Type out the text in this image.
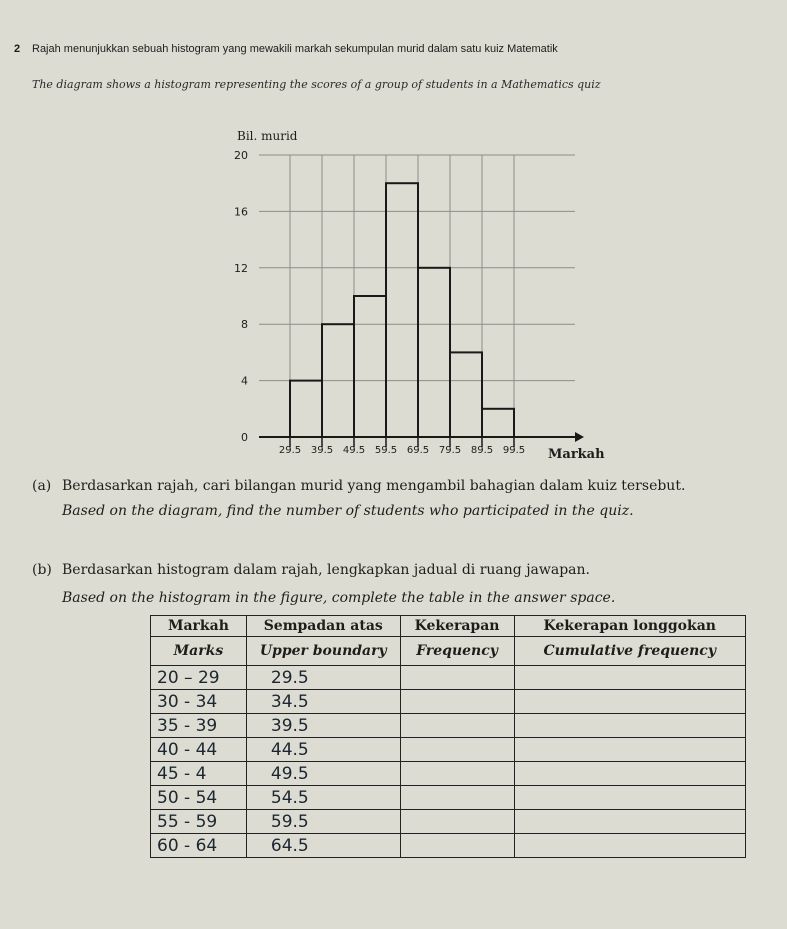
2 Rajah menunjukkan sebuah histogram yang mewakili markah sekumpulan murid dalam satu kuiz Matematik
The diagram shows a histogram representing the scores of a group of students in a Mathematics quiz
0
4
8
12
16
20
29.5 39.5 49.5 59.5 69.5 79.5 89.5 99.5
Bil. murid
Markah
(a) Berdasarkan rajah, cari bilangan murid yang mengambil bahagian dalam kuiz tersebut.
Based on the diagram, find the number of students who participated in the quiz.
(b) Berdasarkan histogram dalam rajah, lengkapkan jadual di ruang jawapan.
Based on the histogram in the figure, complete the table in the answer space.
Markah	Sempadan atas	Kekerapan	Kekerapan longgokan
Marks	Upper boundary	Frequency	Cumulative frequency
20 – 29	29.5		
30 - 34	34.5		
35 - 39	39.5		
40 - 44	44.5		
45 - 4	49.5		
50 - 54	54.5		
55 - 59	59.5		
60 - 64	64.5		
